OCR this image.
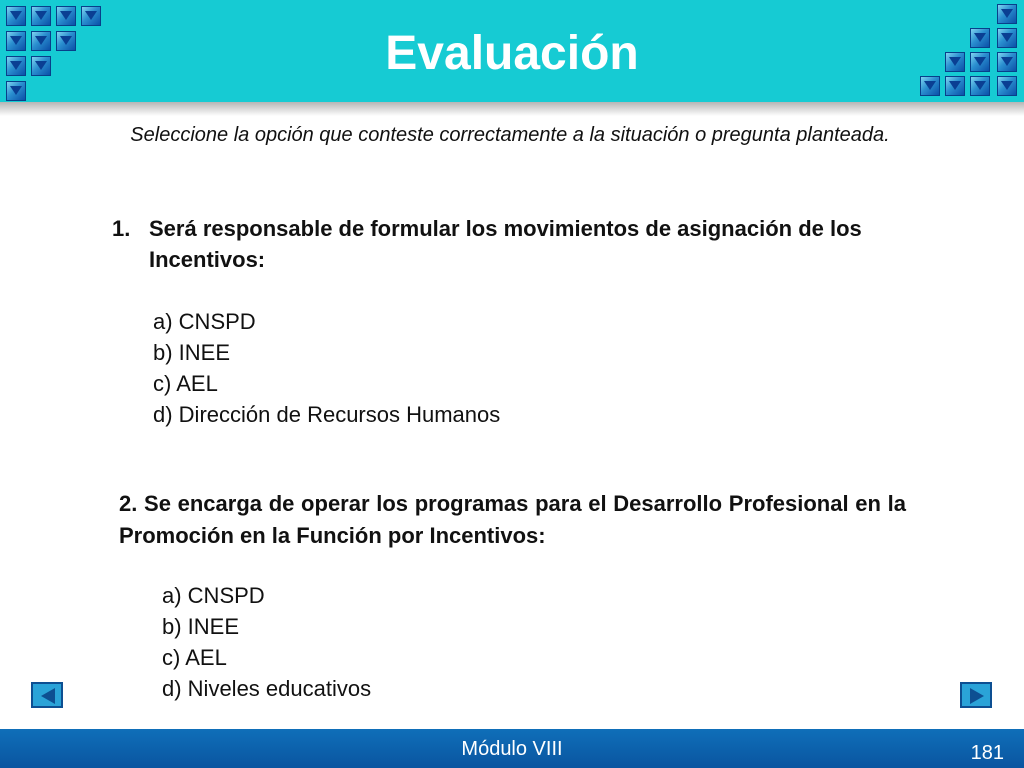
Evaluación
Seleccione la opción que conteste correctamente a la situación o pregunta planteada.
1. Será responsable de formular los movimientos de asignación de los Incentivos:
a) CNSPD
b) INEE
c) AEL
d) Dirección de Recursos Humanos
2. Se encarga de operar los programas para el Desarrollo Profesional en la Promoción en la Función por Incentivos:
a) CNSPD
b) INEE
c) AEL
d) Niveles educativos
Módulo VIII	181
